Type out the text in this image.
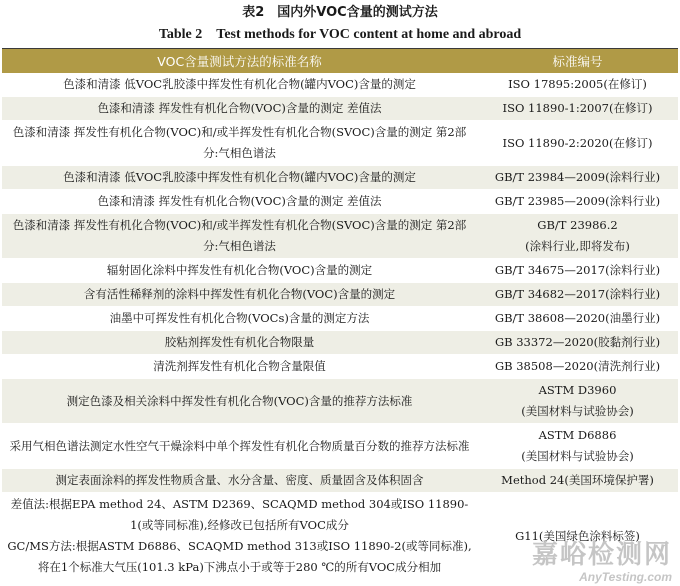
表2　国内外VOC含量的测试方法
Table 2　Test methods for VOC content at home and abroad
VOC含量测试方法的标准名称	标准编号
色漆和清漆 低VOC乳胶漆中挥发性有机化合物(罐内VOC)含量的测定	ISO 17895:2005(在修订)
色漆和清漆 挥发性有机化合物(VOC)含量的测定 差值法	ISO 11890-1:2007(在修订)
色漆和清漆 挥发性有机化合物(VOC)和/或半挥发性有机化合物(SVOC)含量的测定 第2部分:气相色谱法	ISO 11890-2:2020(在修订)
色漆和清漆 低VOC乳胶漆中挥发性有机化合物(罐内VOC)含量的测定	GB/T 23984—2009(涂料行业)
色漆和清漆 挥发性有机化合物(VOC)含量的测定 差值法	GB/T 23985—2009(涂料行业)
色漆和清漆 挥发性有机化合物(VOC)和/或半挥发性有机化合物(SVOC)含量的测定 第2部分:气相色谱法	GB/T 23986.2
(涂料行业,即将发布)
辐射固化涂料中挥发性有机化合物(VOC)含量的测定	GB/T 34675—2017(涂料行业)
含有活性稀释剂的涂料中挥发性有机化合物(VOC)含量的测定	GB/T 34682—2017(涂料行业)
油墨中可挥发性有机化合物(VOCs)含量的测定方法	GB/T 38608—2020(油墨行业)
胶粘剂挥发性有机化合物限量	GB 33372—2020(胶黏剂行业)
清洗剂挥发性有机化合物含量限值	GB 38508—2020(清洗剂行业)
测定色漆及相关涂料中挥发性有机化合物(VOC)含量的推荐方法标准	ASTM D3960
(美国材料与试验协会)
采用气相色谱法测定水性空气干燥涂料中单个挥发性有机化合物质量百分数的推荐方法标准	ASTM D6886
(美国材料与试验协会)
测定表面涂料的挥发性物质含量、水分含量、密度、质量固含及体积固含	Method 24(美国环境保护署)
差值法:根据EPA method 24、ASTM D2369、SCAQMD method 304或ISO 11890-1(或等同标准),经修改已包括所有VOC成分
GC/MS方法:根据ASTM D6886、SCAQMD method 313或ISO 11890-2(或等同标准),将在1个标准大气压(101.3 kPa)下沸点小于或等于280 ℃的所有VOC成分相加	G11(美国绿色涂料标签)
嘉峪检测网
AnyTesting.com
